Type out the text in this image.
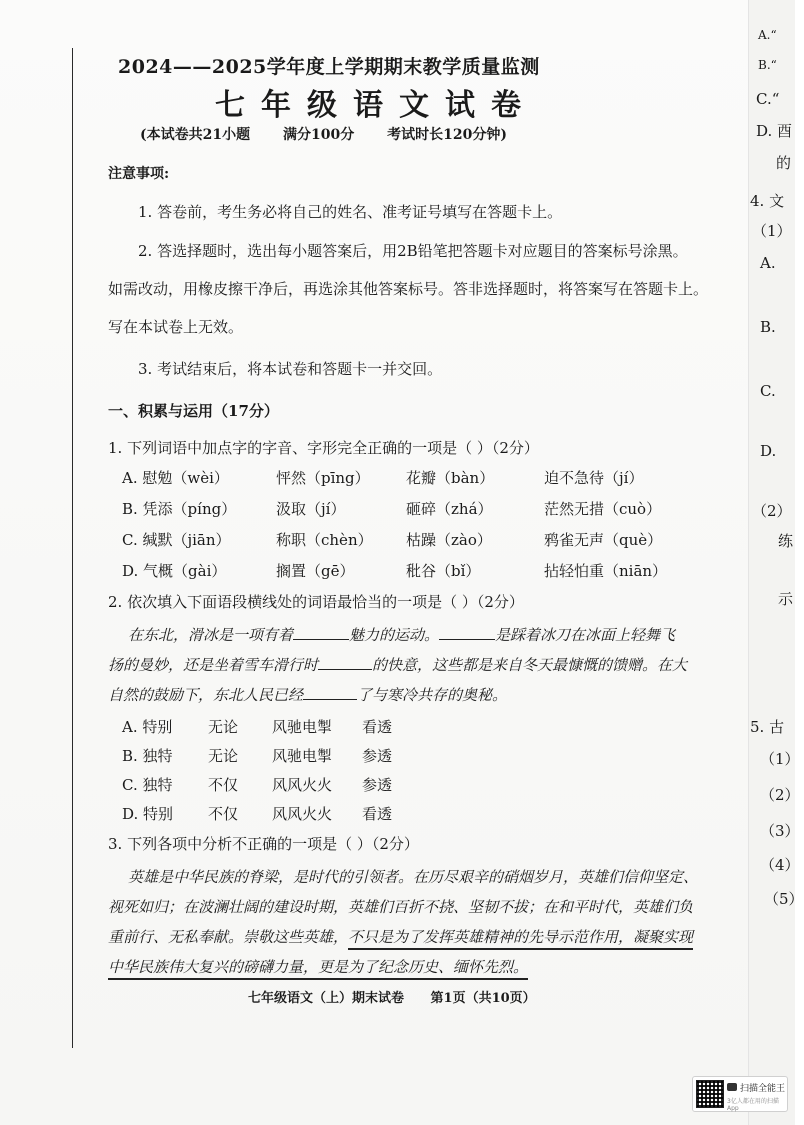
2024——2025学年度上学期期末教学质量监测
七年级语文试卷
(本试卷共21小题 满分100分 考试时长120分钟)
注意事项:
1. 答卷前，考生务必将自己的姓名、准考证号填写在答题卡上。
2. 答选择题时，选出每小题答案后，用2B铅笔把答题卡对应题目的答案标号涂黑。
如需改动，用橡皮擦干净后，再选涂其他答案标号。答非选择题时，将答案写在答题卡上。
写在本试卷上无效。
3. 考试结束后，将本试卷和答题卡一并交回。
一、积累与运用（17分）
1. 下列词语中加点字的字音、字形完全正确的一项是（ ）（2分）
A. 慰勉（wèi）	怦然（pīng） 花瓣（bàn）	迫不急待（jí）
B. 凭添（píng）	汲取（jí）	砸碎（zhá）	茫然无措（cuò）
C. 缄默（jiān）	称职（chèn） 枯躁（zào）	鸦雀无声（què）
D. 气概（gài）	搁置（gē）	秕谷（bǐ）	拈轻怕重（niān）
2. 依次填入下面语段横线处的词语最恰当的一项是（ ）（2分）
在东北，滑冰是一项有着	魅力的运动。	是踩着冰刀在冰面上轻舞飞
扬的曼妙，还是坐着雪车滑行时	的快意，这些都是来自冬天最慷慨的馈赠。在大
自然的鼓励下，东北人民已经	了与寒冷共存的奥秘。
A. 特别 无论 风驰电掣 看透
B. 独特 无论 风驰电掣 参透
C. 独特 不仅 风风火火 参透
D. 特别 不仅 风风火火 看透
3. 下列各项中分析不正确的一项是（ ）（2分）
英雄是中华民族的脊梁，是时代的引领者。在历尽艰辛的硝烟岁月，英雄们信仰坚定、
视死如归；在波澜壮阔的建设时期，英雄们百折不挠、坚韧不拔；在和平时代，英雄们负
重前行、无私奉献。崇敬这些英雄，不只是为了发挥英雄精神的先导示范作用，凝聚实现
中华民族伟大复兴的磅礴力量，更是为了纪念历史、缅怀先烈。
七年级语文（上）期末试卷 第1页（共10页）
A.“
B.“
C.“
D. 酉
的
4. 文
（1）
A.
B.
C.
D.
（2）
练
示
5. 古
（1）
（2）
（3）
（4）
（5）
扫描全能王
3亿人都在用的扫描App
